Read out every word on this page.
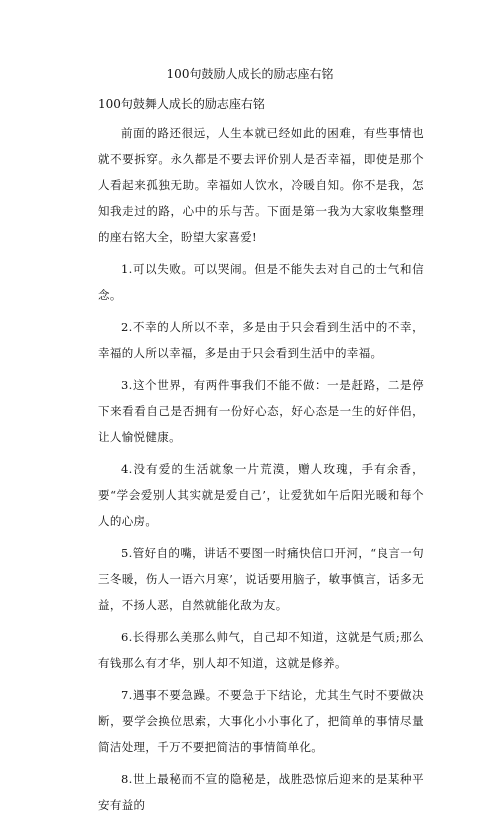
100句鼓励人成长的励志座右铭
100句鼓舞人成长的励志座右铭

前面的路还很远，人生本就已经如此的困难，有些事情也就不要拆穿。永久都是不要去评价别人是否幸福，即使是那个人看起来孤独无助。幸福如人饮水，冷暖自知。你不是我，怎知我走过的路，心中的乐与苦。下面是第一我为大家收集整理的座右铭大全，盼望大家喜爱!

1.可以失败。可以哭闹。但是不能失去对自己的士气和信念。

2.不幸的人所以不幸，多是由于只会看到生活中的不幸，幸福的人所以幸福，多是由于只会看到生活中的幸福。

3.这个世界，有两件事我们不能不做：一是赶路，二是停下来看看自己是否拥有一份好心态，好心态是一生的好伴侣，让人愉悦健康。

4.没有爱的生活就象一片荒漠，赠人玫瑰，手有余香，要“学会爱别人其实就是爱自己’，让爱犹如午后阳光暖和每个人的心房。

5.管好自的嘴，讲话不要图一时痛快信口开河，“良言一句三冬暖，伤人一语六月寒’，说话要用脑子，敏事慎言，话多无益，不扬人恶，自然就能化敌为友。

6.长得那么美那么帅气，自己却不知道，这就是气质;那么有钱那么有才华，别人却不知道，这就是修养。

7.遇事不要急躁。不要急于下结论，尤其生气时不要做决断，要学会换位思索，大事化小小事化了，把简单的事情尽量简洁处理，千万不要把简洁的事情简单化。

8.世上最秘而不宣的隐秘是，战胜恐惊后迎来的是某种平安有益的
